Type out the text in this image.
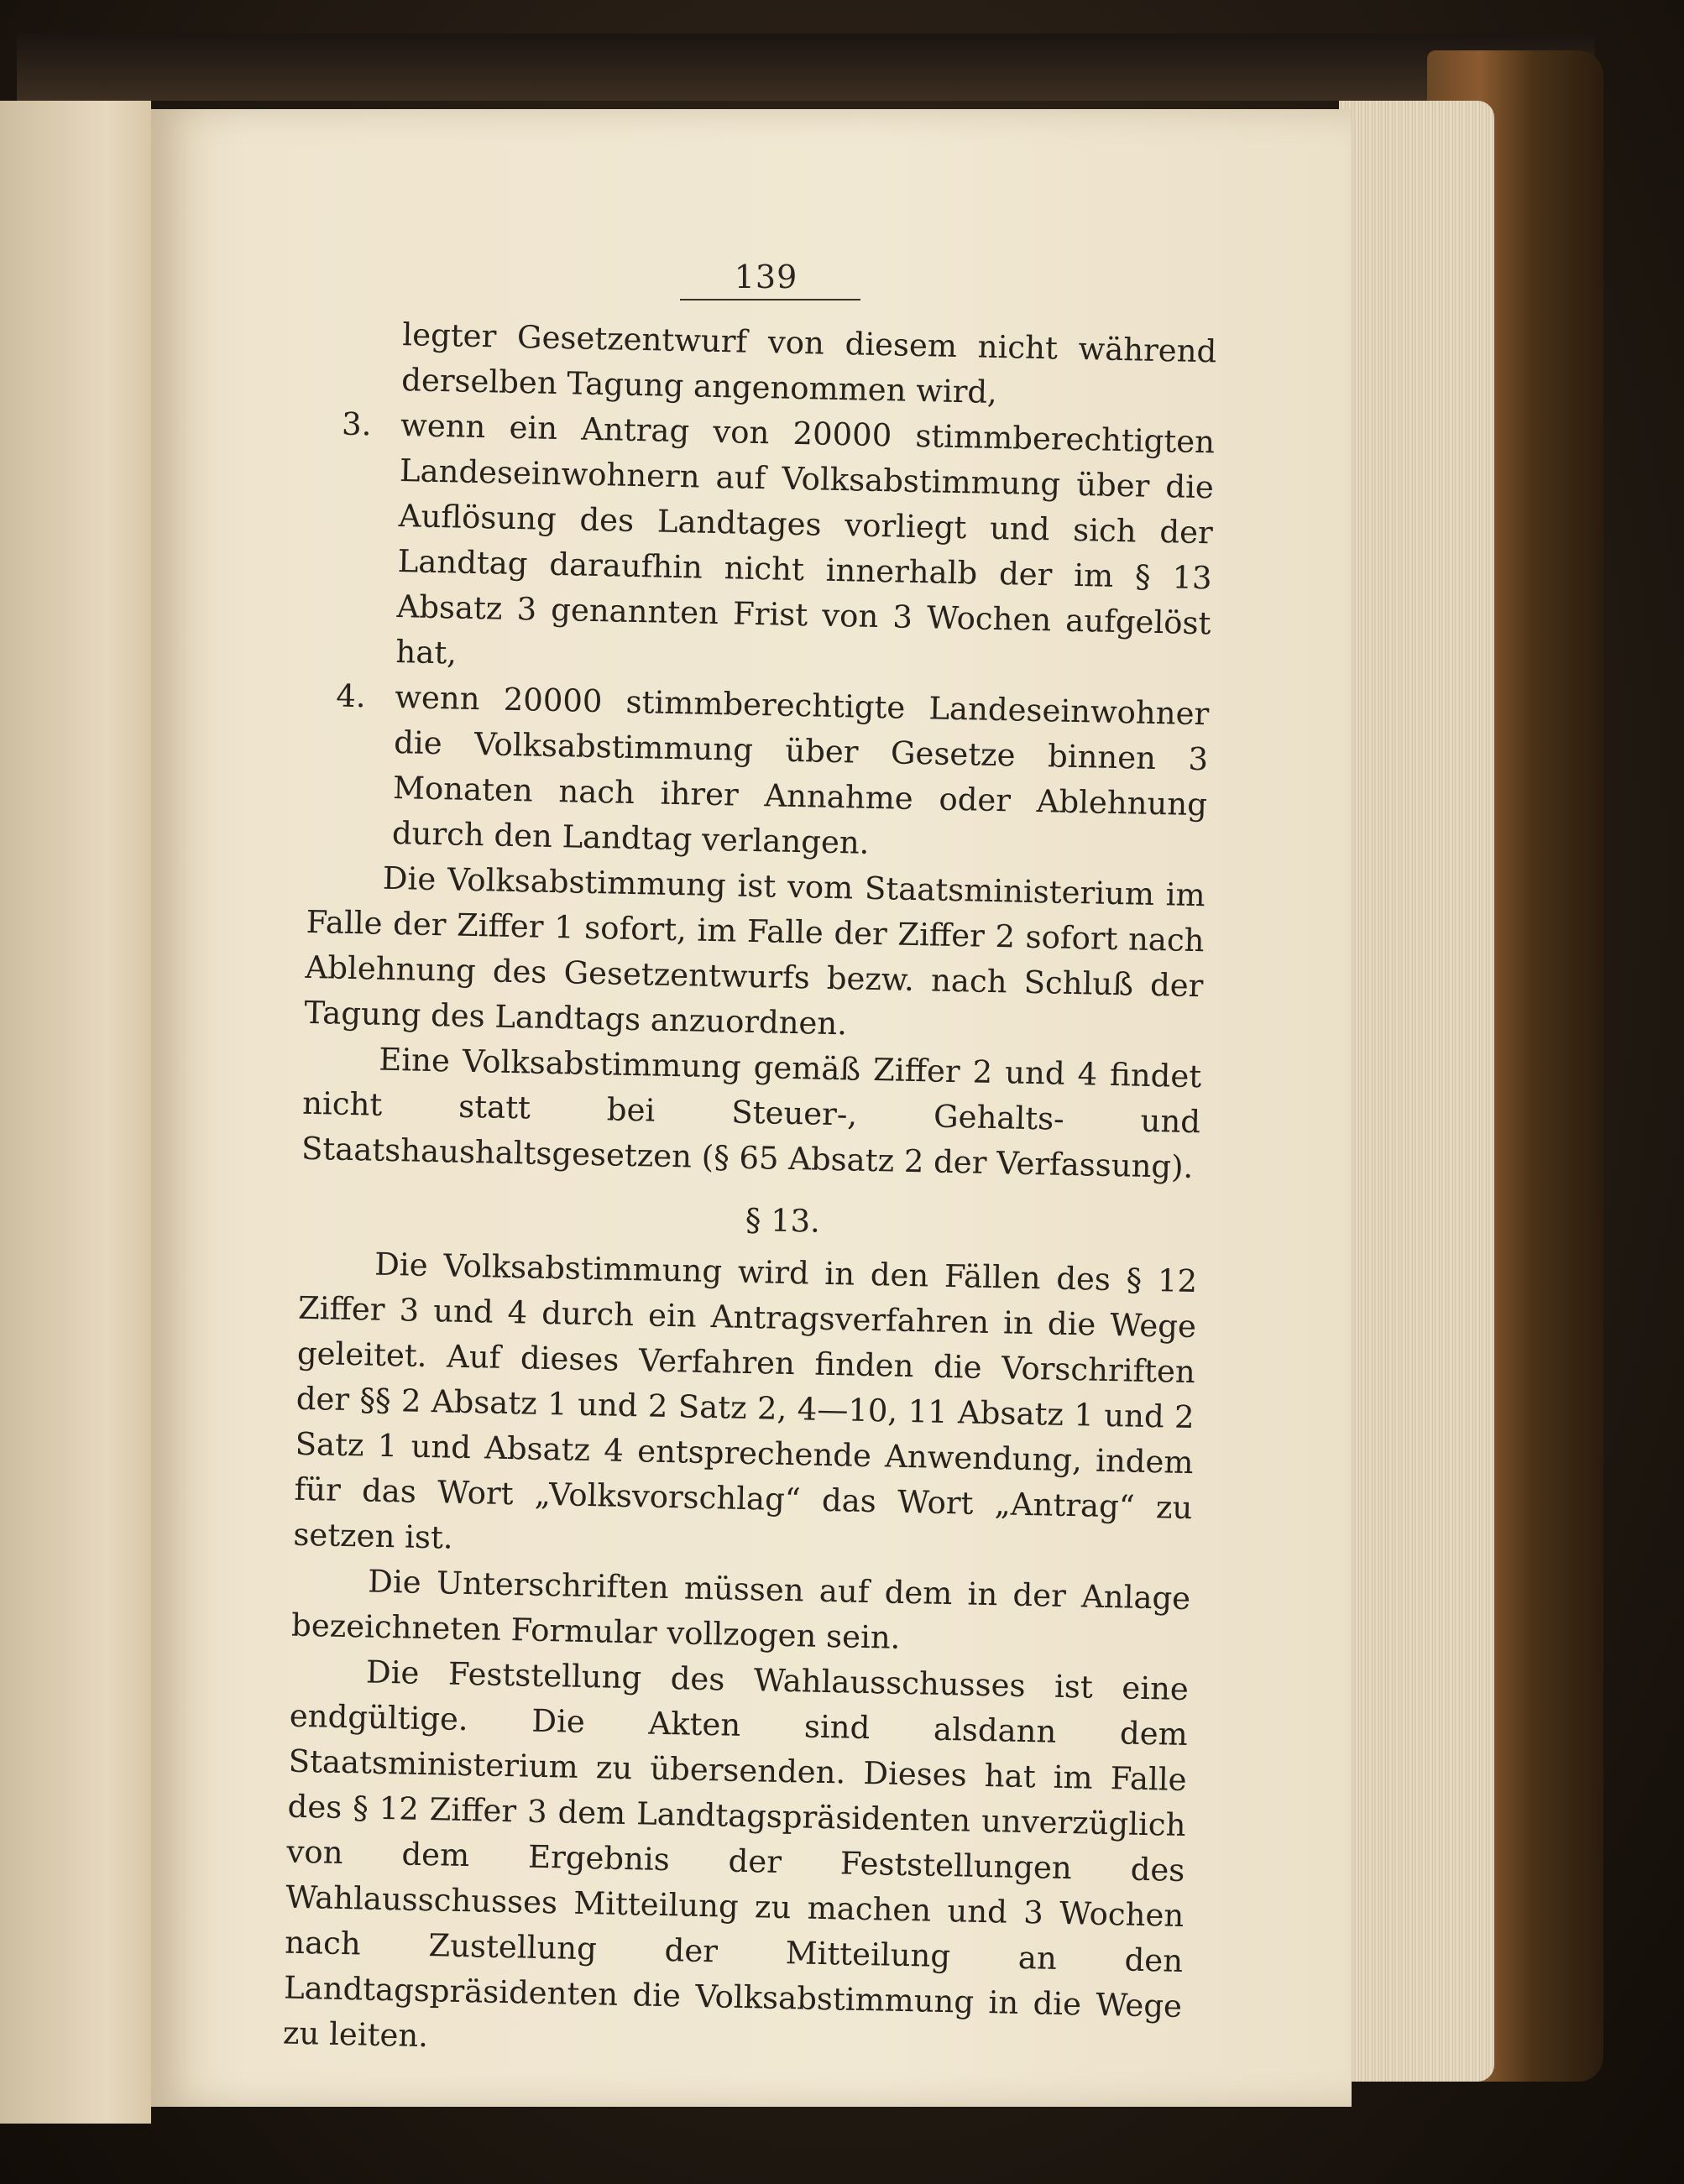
139
legter Gesetzentwurf von diesem nicht während derselben Tagung angenommen wird,
3. wenn ein Antrag von 20000 stimmberechtigten Landeseinwohnern auf Volksabstimmung über die Auflösung des Landtages vorliegt und sich der Landtag daraufhin nicht innerhalb der im § 13 Absatz 3 genannten Frist von 3 Wochen aufgelöst hat,
4. wenn 20000 stimmberechtigte Landeseinwohner die Volksabstimmung über Gesetze binnen 3 Monaten nach ihrer Annahme oder Ablehnung durch den Landtag verlangen.
Die Volksabstimmung ist vom Staatsministerium im Falle der Ziffer 1 sofort, im Falle der Ziffer 2 sofort nach Ablehnung des Gesetzentwurfs bezw. nach Schluß der Tagung des Landtags anzuordnen.
Eine Volksabstimmung gemäß Ziffer 2 und 4 findet nicht statt bei Steuer-, Gehalts- und Staatshaushaltsgesetzen (§ 65 Absatz 2 der Verfassung).
§ 13.
Die Volksabstimmung wird in den Fällen des § 12 Ziffer 3 und 4 durch ein Antragsverfahren in die Wege geleitet. Auf dieses Verfahren finden die Vorschriften der §§ 2 Absatz 1 und 2 Satz 2, 4—10, 11 Absatz 1 und 2 Satz 1 und Absatz 4 entsprechende Anwendung, indem für das Wort „Volksvorschlag“ das Wort „Antrag“ zu setzen ist.
Die Unterschriften müssen auf dem in der Anlage bezeichneten Formular vollzogen sein.
Die Feststellung des Wahlausschusses ist eine endgültige. Die Akten sind alsdann dem Staatsministerium zu übersenden. Dieses hat im Falle des § 12 Ziffer 3 dem Landtagspräsidenten unverzüglich von dem Ergebnis der Feststellungen des Wahlausschusses Mitteilung zu machen und 3 Wochen nach Zustellung der Mitteilung an den Landtagspräsidenten die Volksabstimmung in die Wege zu leiten.
